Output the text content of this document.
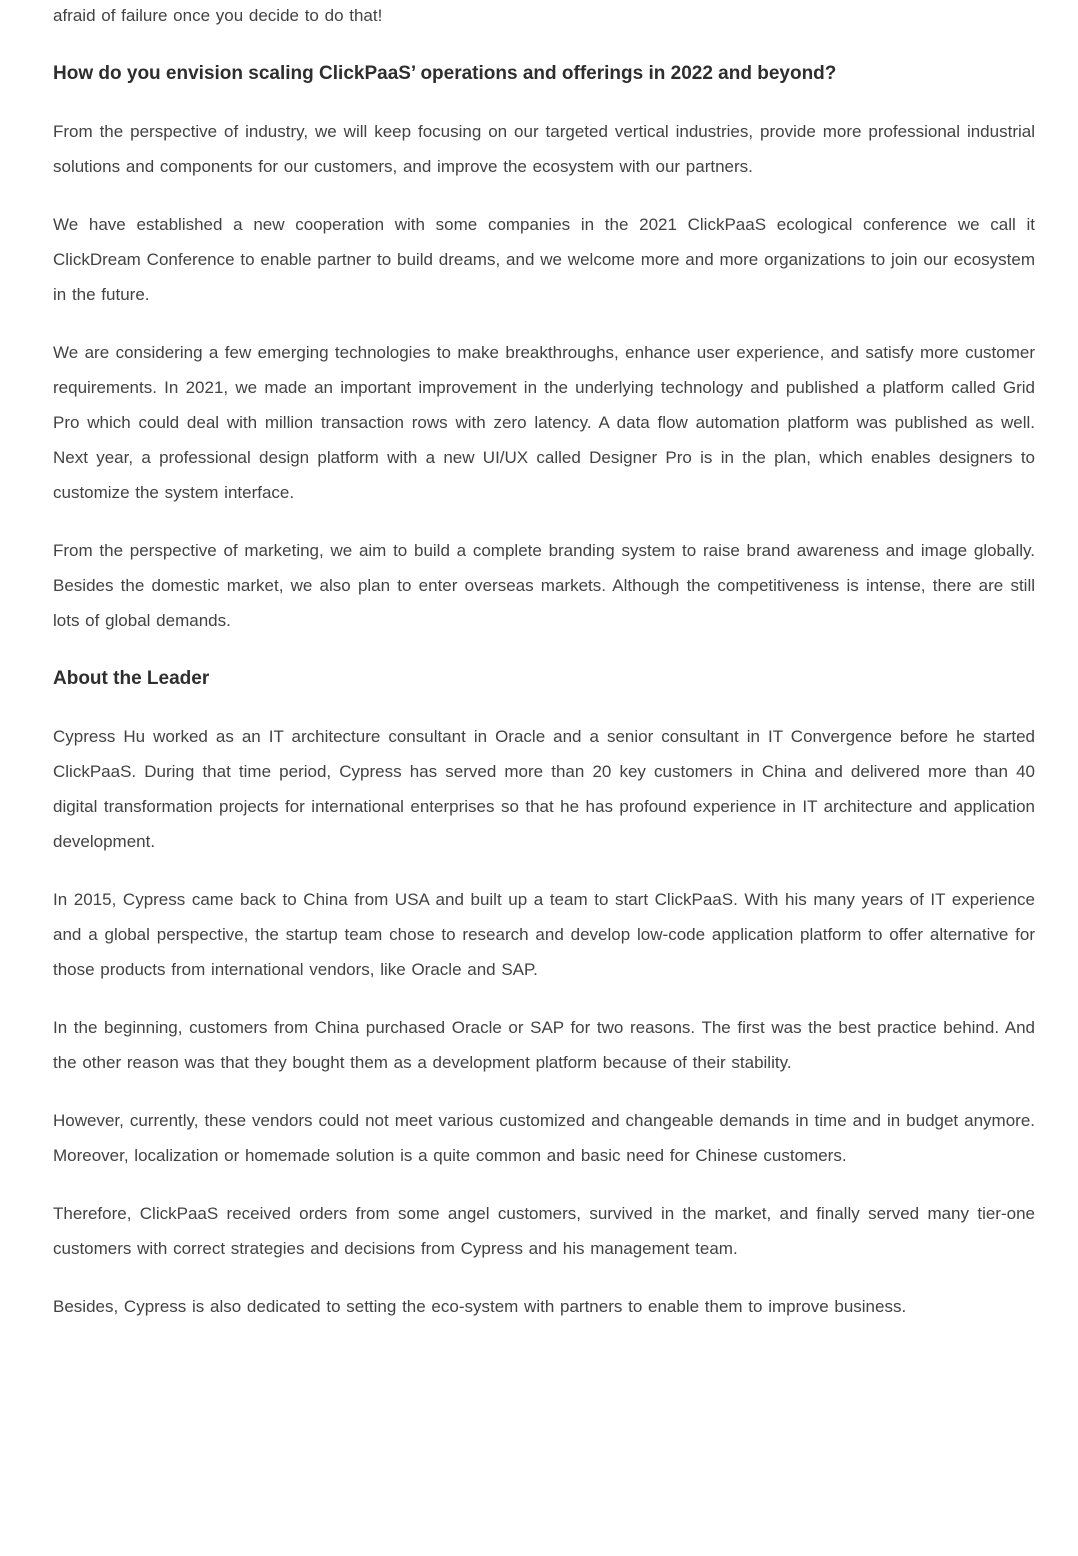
afraid of failure once you decide to do that!

How do you envision scaling ClickPaaS’ operations and offerings in 2022 and beyond?

From the perspective of industry, we will keep focusing on our targeted vertical industries, provide more professional industrial solutions and components for our customers, and improve the ecosystem with our partners.

We have established a new cooperation with some companies in the 2021 ClickPaaS ecological conference we call it ClickDream Conference to enable partner to build dreams, and we welcome more and more organizations to join our ecosystem in the future.

We are considering a few emerging technologies to make breakthroughs, enhance user experience, and satisfy more customer requirements. In 2021, we made an important improvement in the underlying technology and published a platform called Grid Pro which could deal with million transaction rows with zero latency. A data flow automation platform was published as well. Next year, a professional design platform with a new UI/UX called Designer Pro is in the plan, which enables designers to customize the system interface.

From the perspective of marketing, we aim to build a complete branding system to raise brand awareness and image globally. Besides the domestic market, we also plan to enter overseas markets. Although the competitiveness is intense, there are still lots of global demands.

About the Leader

Cypress Hu worked as an IT architecture consultant in Oracle and a senior consultant in IT Convergence before he started ClickPaaS. During that time period, Cypress has served more than 20 key customers in China and delivered more than 40 digital transformation projects for international enterprises so that he has profound experience in IT architecture and application development.

In 2015, Cypress came back to China from USA and built up a team to start ClickPaaS. With his many years of IT experience and a global perspective, the startup team chose to research and develop low-code application platform to offer alternative for those products from international vendors, like Oracle and SAP.

In the beginning, customers from China purchased Oracle or SAP for two reasons. The first was the best practice behind. And the other reason was that they bought them as a development platform because of their stability.

However, currently, these vendors could not meet various customized and changeable demands in time and in budget anymore. Moreover, localization or homemade solution is a quite common and basic need for Chinese customers.

Therefore, ClickPaaS received orders from some angel customers, survived in the market, and finally served many tier-one customers with correct strategies and decisions from Cypress and his management team.

Besides, Cypress is also dedicated to setting the eco-system with partners to enable them to improve business.
